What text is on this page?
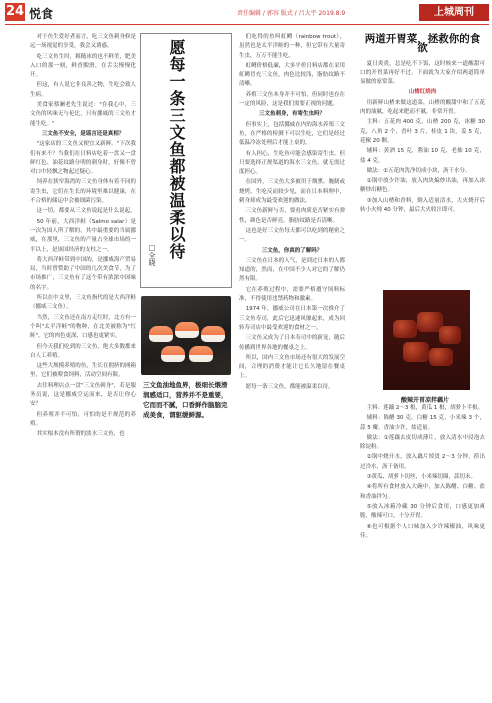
24 悦食	责任编辑 / 郭容 版式 / 吕大宇 2019.8.9	上城周刊

对于鱼生爱好者而言，吃三文鱼刺身修是远一场视觉的享受，我会又诱惑。

吃三文鱼生时，粗糙冰的也不鲜美，肥美入口的那一刻，鲜香腴滑，在舌尖慢慢化开。

但这，有人说它非良善之物，生吃会致人生病。

美食家蔡澜老先生说过："在我心中，三文鱼的风味无与伦比，只有挪威的三文鱼才能生吃。"

三文鱼不安全，是谣言还是真相？

"这家店的三文鱼又便宜又新鲜。"下次我们有来不？当我们在日料店吃着一盘又一盘鲜红色、油花纹路分明的刺身时，好像不曾对口中轻飘之物起过疑心。

饲养在狭窄海湾的三文鱼身体有着不同的寄生虫，它们在生长的环境里难以健康，在不合格的储运中会被细菌污染。

这一切，都要从三文鱼说起是什么说起。

50 年前，大西洋鲑（Salmo salar）是一次为国人所了解的。其中最重要的当属挪威，在那里，三文鱼的产量占全球市场的一半以上，是该国经济的支柱之一。

将大西洋鲑带到中国的，是挪威海产贸易局，当时曾赞助了中国的几次美食节，为了市场推广，三文鱼有了这个带有浓浓中国味的名字。

所以在中文里，三文鱼指代的是大西洋鲑（挪威三文鱼）。

当然，三文鱼还在南方走红时，北方有一个叫"太平洋鲑"的物种，在北美被称为"红鲑"，它的肉色更深，口感也更紧实。

但今天我们吃到的三文鱼，绝大多数都来自人工养殖。

这些大规模养殖的鱼，生长在拥挤的网箱里，它们被喂食饲料，活动空间有限。

去往料理店点一盘"三文鱼刺身"，若是服务员说，这是挪威空运而来，是否让你心安？

但养殖并不可怕，可怕的是不规范的养殖。

其实根本没有所谓的淡水三文鱼，也

愿每一条三文鱼都被温柔以待
□全晓
三文鱼油地鱼界，极细长煨滑润感适口，营养并不是重要，它而而不腻，口香鲜作脑脑完成美食，谓驱缓鲜源。

们吃得的鱼叫虹鳟（rainbow trout），虽然也是太平洋鲑的一种，但它带有大量寄生虫，万万不能生吃。

虹鳟价格低廉，大多平价日料店都在采用虹鳟冒充三文鱼，肉色比较浅，脂肪纹路不清晰。

养殖三文鱼本身并不可怕，但同时也存在一定的风险，这是我们需要正视的问题。

三文鱼刺身，有寄生虫吗？

但事实上，包括挪威在内的海水养殖三文鱼，在严格的检测下可以生吃，它们是经过低温冷冻处理后才能上桌的。

有人担心，生吃鱼可能会感染寄生虫。但只要选择正规渠道的海水三文鱼，就无需过度担心。

在国外，三文鱼大多被用于烟熏、腌制或烧烤，生吃反而较少见，而在日本料理中，刺身却成为最受欢迎的做法。

三文鱼新鲜与否，要看肉质是否紧实有弹性，颜色是否鲜亮，脂肪纹路是否清晰。

这也是好三文鱼每天都可以吃到的秘密之一。

三文鱼，你真的了解吗？

三文鱼在日本的人气，是到过日本的人都知道的，然而，在中国不少人对它的了解仍然有限。

它在养殖过程中，需要严格遵守饲料标准，不得使用违禁药物和激素。

1974 年，挪威公司在日本第一次推介了三文鱼寿司，此后它迅速风靡起来，成为回转寿司店中最受欢迎的食材之一。

三文鱼又成为了日本寿司中的新宠，随后传播到世界各地的餐桌之上。

所以，国内三文鱼市场还有很大的发展空间，合理的消费才能让它长久地留在餐桌上。

愿每一条三文鱼，都能被温柔以待。

两道开胃菜，拯救你的食欲

夏日炎炎，总是吃不下饭，这时候来一道酸甜可口的开胃菜再好不过。下面就为大家介绍两道简单易做的家常菜。

山楂红烧肉

用新鲜山楂来做这道菜，山楂的酸甜中和了五花肉的油腻，吃起来肥而不腻，非常开胃。

主料：五花肉 400 克，山楂 200 克，冰糖 30 克，八角 2 个，香叶 3 片，桂皮 1 块，姜 5 克，花椒 20 颗。

辅料：黄酒 15 克，酱油 10 克，老抽 10 克，盐 4 克。

做法：①五花肉洗净切成小块，沥干水分。

②锅中放少许油，放入肉块煸炒出油，再加入冰糖炒出糖色。

③加入山楂和香料，倒入适量清水，大火烧开后转小火炖 40 分钟，最后大火收汁即可。

酸辣开胃凉拌藕片

主料：莲藕 2～3 根，黄瓜 1 根，胡萝卜半根。

辅料：陈醋 30 克，白糖 15 克，小米辣 3 个，蒜 5 瓣，香油少许，盐适量。

做法：①莲藕去皮切成薄片，放入清水中浸泡去除淀粉。

②锅中烧开水，放入藕片焯烫 2～3 分钟，捞出过冷水，沥干备用。

③黄瓜、胡萝卜切丝，小米辣切圈，蒜切末。

④将所有食材放入大碗中，加入陈醋、白糖、盐和香油拌匀。

⑤放入冰箱冷藏 30 分钟后食用，口感更加爽脆，酸辣可口，十分开胃。

⑥也可根据个人口味加入少许辣椒油，风味更佳。
